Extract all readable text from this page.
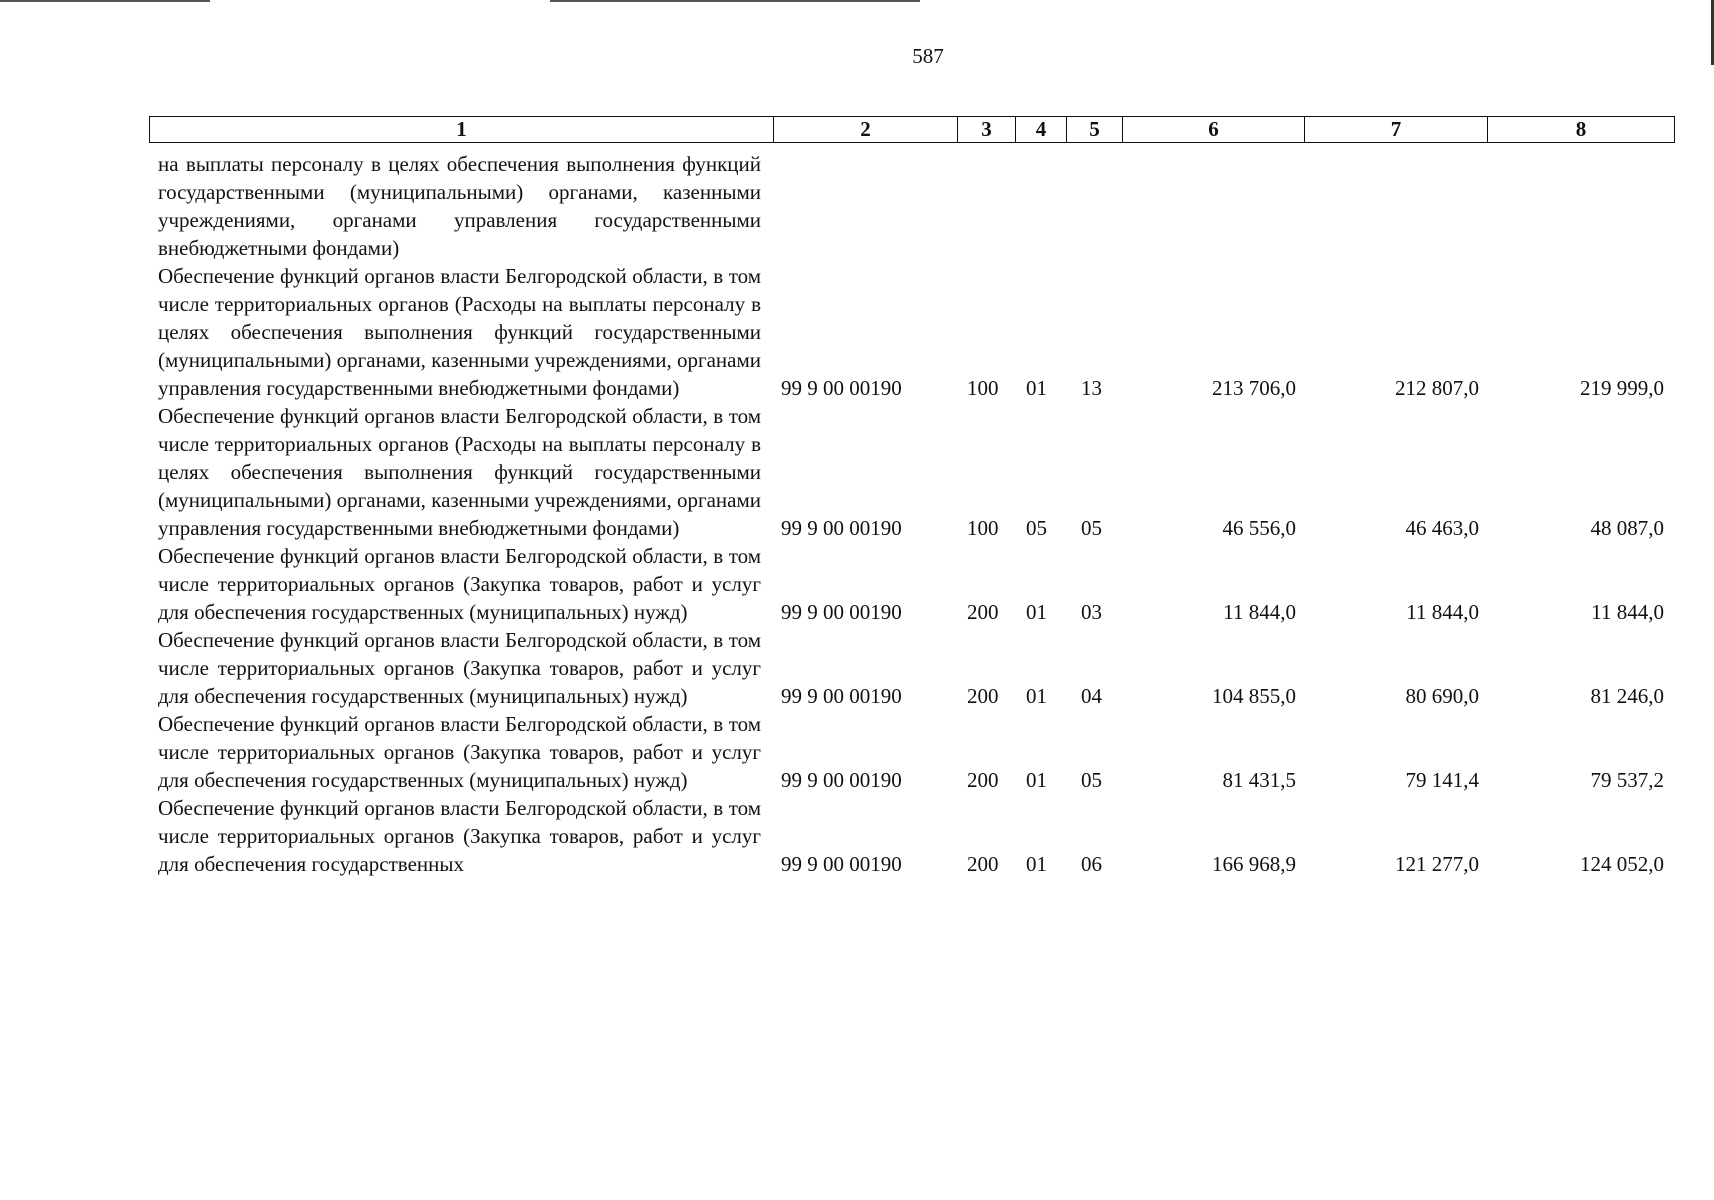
587
1	2	3	4	5	6	7	8
на выплаты персоналу в целях обеспечения выполнения функций государственными (муниципальными) органами, казенными учреждениями, органами управления государственными внебюджетными фондами)
Обеспечение функций органов власти Белгородской области, в том числе территориальных органов (Расходы на выплаты персоналу в целях обеспечения выполнения функций государственными (муниципальными) органами, казенными учреждениями, органами управления государственными внебюджетными фондами)	99 9 00 00190	100 01 13	213 706,0	212 807,0	219 999,0
Обеспечение функций органов власти Белгородской области, в том числе территориальных органов (Расходы на выплаты персоналу в целях обеспечения выполнения функций государственными (муниципальными) органами, казенными учреждениями, органами управления государственными внебюджетными фондами)	99 9 00 00190	100 05 05	46 556,0	46 463,0	48 087,0
Обеспечение функций органов власти Белгородской области, в том числе территориальных органов (Закупка товаров, работ и услуг для обеспечения государственных (муниципальных) нужд)	99 9 00 00190	200 01 03	11 844,0	11 844,0	11 844,0
Обеспечение функций органов власти Белгородской области, в том числе территориальных органов (Закупка товаров, работ и услуг для обеспечения государственных (муниципальных) нужд)	99 9 00 00190	200 01 04	104 855,0	80 690,0	81 246,0
Обеспечение функций органов власти Белгородской области, в том числе территориальных органов (Закупка товаров, работ и услуг для обеспечения государственных (муниципальных) нужд)	99 9 00 00190	200 01 05	81 431,5	79 141,4	79 537,2
Обеспечение функций органов власти Белгородской области, в том числе территориальных органов (Закупка товаров, работ и услуг для обеспечения государственных	99 9 00 00190	200 01 06	166 968,9	121 277,0	124 052,0
